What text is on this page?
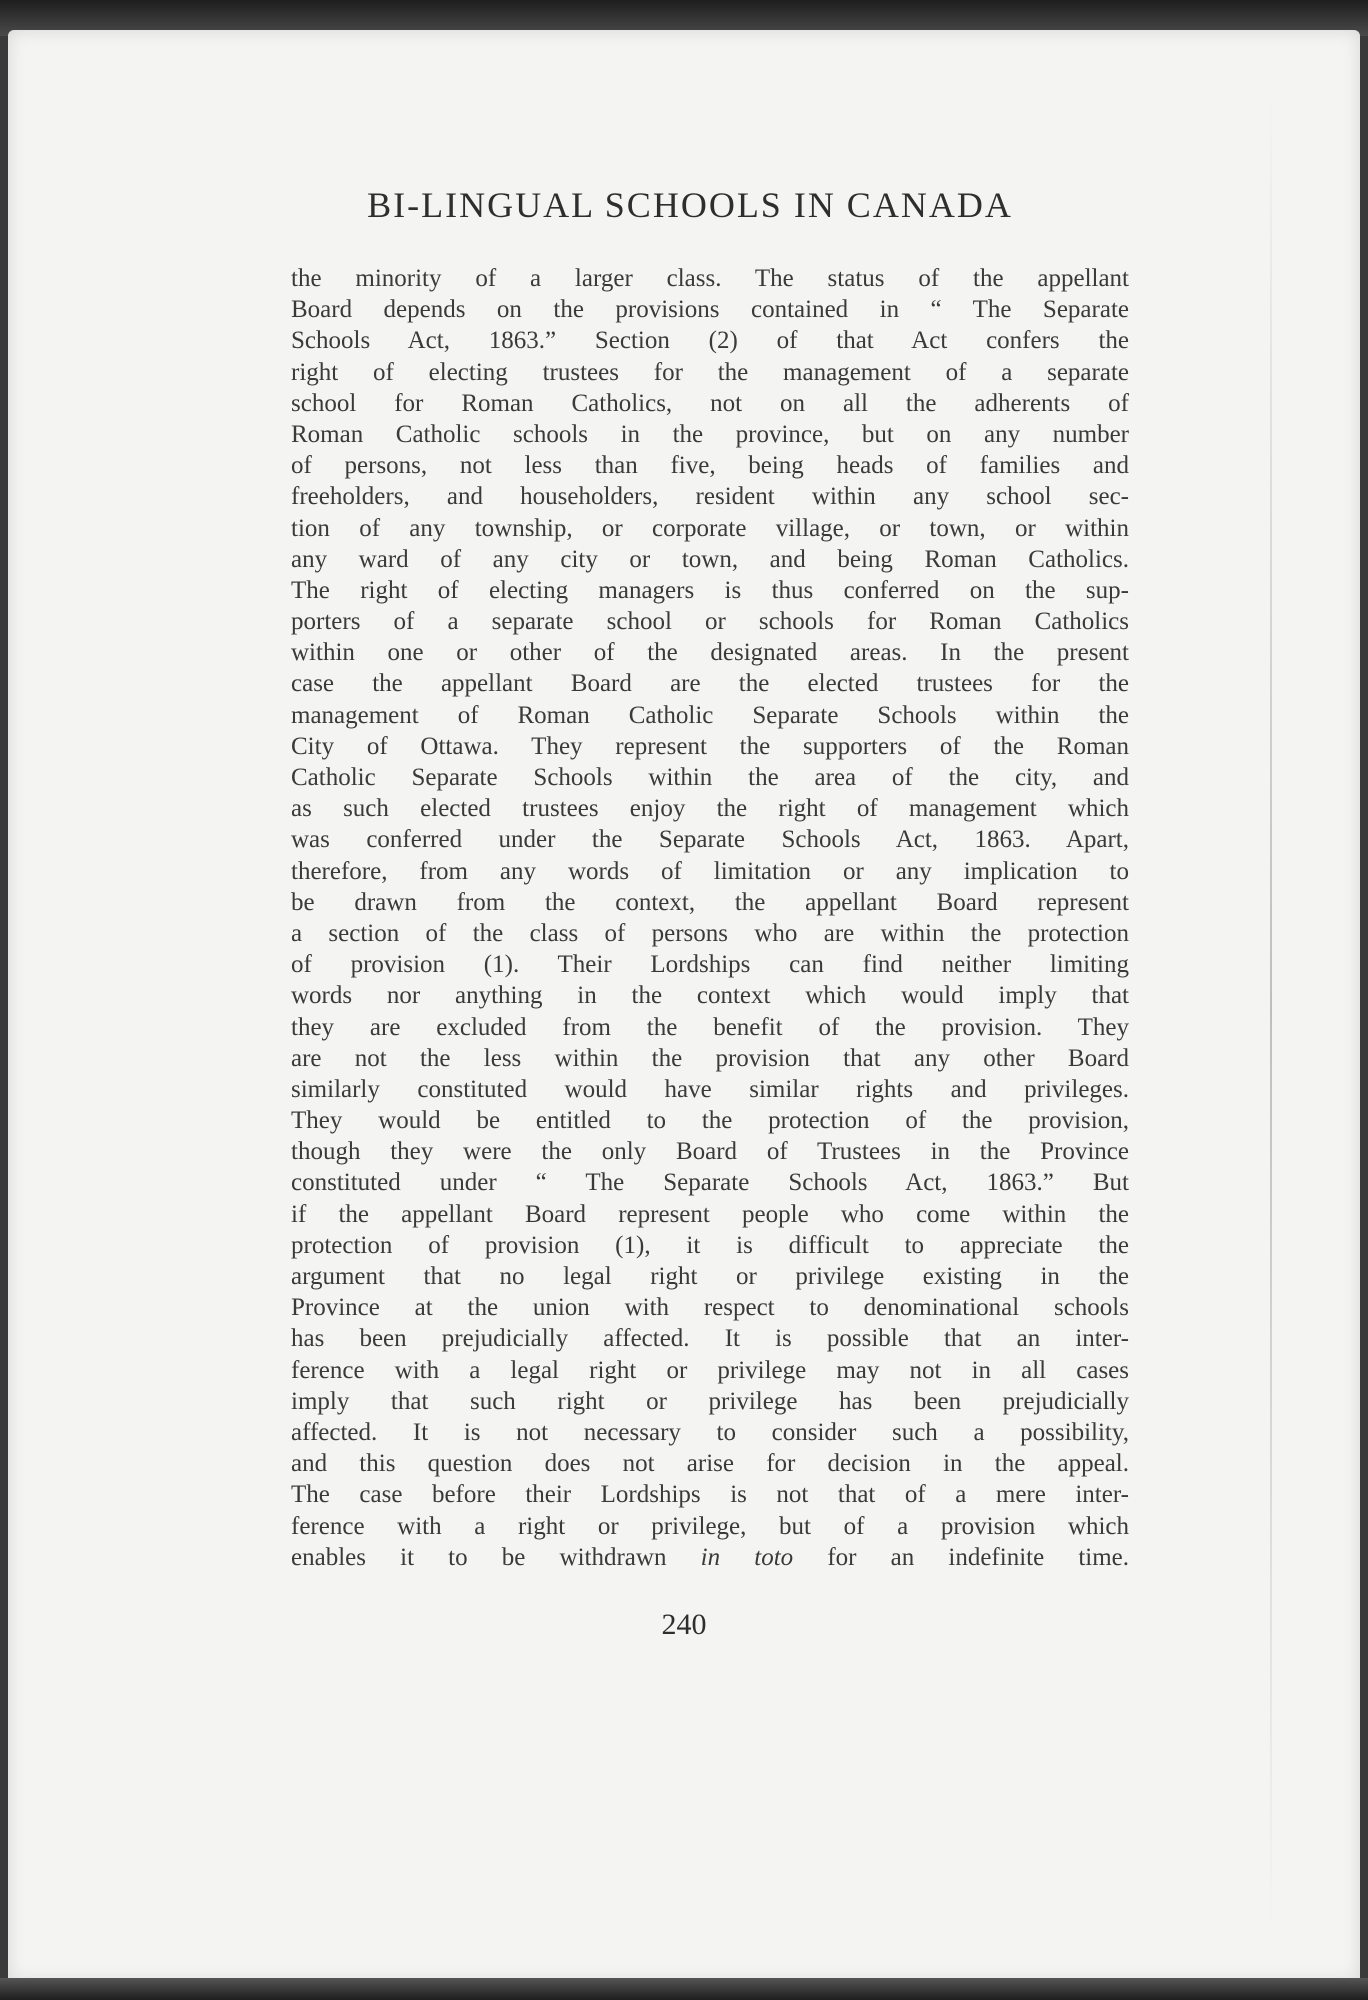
BI-LINGUAL SCHOOLS IN CANADA
the minority of a larger class. The status of the appellant
Board depends on the provisions contained in “ The Separate
Schools Act, 1863.” Section (2) of that Act confers the
right of electing trustees for the management of a separate
school for Roman Catholics, not on all the adherents of
Roman Catholic schools in the province, but on any number
of persons, not less than five, being heads of families and
freeholders, and householders, resident within any school sec-
tion of any township, or corporate village, or town, or within
any ward of any city or town, and being Roman Catholics.
The right of electing managers is thus conferred on the sup-
porters of a separate school or schools for Roman Catholics
within one or other of the designated areas. In the present
case the appellant Board are the elected trustees for the
management of Roman Catholic Separate Schools within the
City of Ottawa. They represent the supporters of the Roman
Catholic Separate Schools within the area of the city, and
as such elected trustees enjoy the right of management which
was conferred under the Separate Schools Act, 1863. Apart,
therefore, from any words of limitation or any implication to
be drawn from the context, the appellant Board represent
a section of the class of persons who are within the protection
of provision (1). Their Lordships can find neither limiting
words nor anything in the context which would imply that
they are excluded from the benefit of the provision. They
are not the less within the provision that any other Board
similarly constituted would have similar rights and privileges.
They would be entitled to the protection of the provision,
though they were the only Board of Trustees in the Province
constituted under “ The Separate Schools Act, 1863.” But
if the appellant Board represent people who come within the
protection of provision (1), it is difficult to appreciate the
argument that no legal right or privilege existing in the
Province at the union with respect to denominational schools
has been prejudicially affected. It is possible that an inter-
ference with a legal right or privilege may not in all cases
imply that such right or privilege has been prejudicially
affected. It is not necessary to consider such a possibility,
and this question does not arise for decision in the appeal.
The case before their Lordships is not that of a mere inter-
ference with a right or privilege, but of a provision which
enables it to be withdrawn in toto for an indefinite time.

240
